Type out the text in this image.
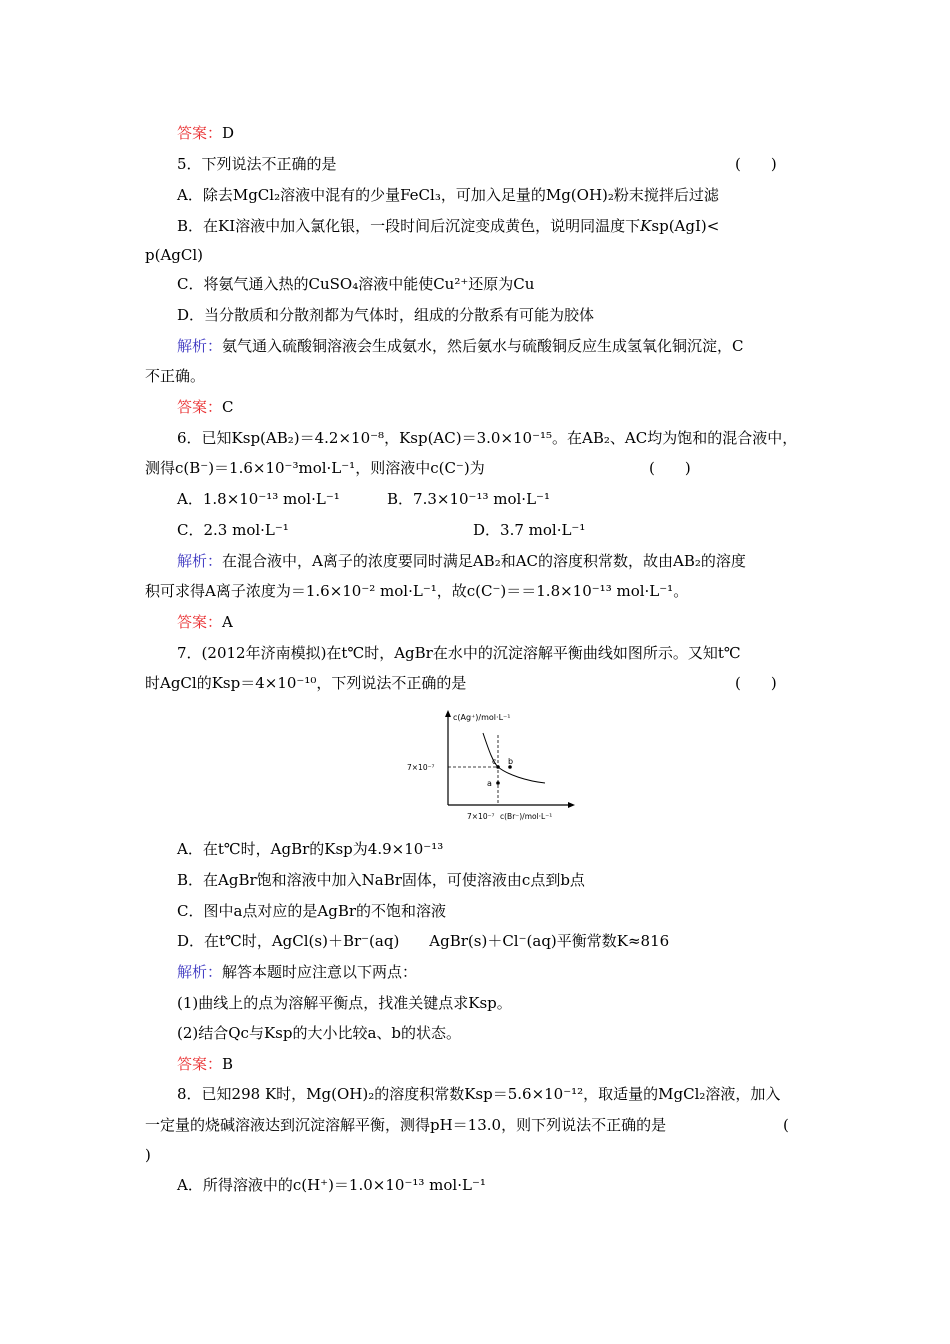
答案：D
5．下列说法不正确的是	(　　)
A．除去MgCl₂溶液中混有的少量FeCl₃，可加入足量的Mg(OH)₂粉末搅拌后过滤
B．在KI溶液中加入氯化银，一段时间后沉淀变成黄色，说明同温度下Ksp(AgI)<
p(AgCl)
C．将氨气通入热的CuSO₄溶液中能使Cu²⁺还原为Cu
D．当分散质和分散剂都为气体时，组成的分散系有可能为胶体
解析：氨气通入硫酸铜溶液会生成氨水，然后氨水与硫酸铜反应生成氢氧化铜沉淀，C
不正确。
答案：C
6．已知Ksp(AB₂)＝4.2×10⁻⁸，Ksp(AC)＝3.0×10⁻¹⁵。在AB₂、AC均为饱和的混合液中，
测得c(B⁻)＝1.6×10⁻³mol·L⁻¹，则溶液中c(C⁻)为	(　　)
A．1.8×10⁻¹³ mol·L⁻¹	B．7.3×10⁻¹³ mol·L⁻¹
C．2.3 mol·L⁻¹	D．3.7 mol·L⁻¹
解析：在混合液中，A离子的浓度要同时满足AB₂和AC的溶度积常数，故由AB₂的溶度
积可求得A离子浓度为＝1.6×10⁻² mol·L⁻¹，故c(C⁻)＝＝1.8×10⁻¹³ mol·L⁻¹。
答案：A
7．(2012年济南模拟)在t℃时，AgBr在水中的沉淀溶解平衡曲线如图所示。又知t℃
时AgCl的Ksp＝4×10⁻¹⁰，下列说法不正确的是	(　　)
c(Ag⁺)/mol·L⁻¹
7×10⁻⁷
c b
a
7×10⁻⁷ c(Br⁻)/mol·L⁻¹
A．在t℃时，AgBr的Ksp为4.9×10⁻¹³
B．在AgBr饱和溶液中加入NaBr固体，可使溶液由c点到b点
C．图中a点对应的是AgBr的不饱和溶液
D．在t℃时，AgCl(s)＋Br⁻(aq)　　AgBr(s)＋Cl⁻(aq)平衡常数K≈816
解析：解答本题时应注意以下两点：
(1)曲线上的点为溶解平衡点，找准关键点求Ksp。
(2)结合Qc与Ksp的大小比较a、b的状态。
答案：B
8．已知298 K时，Mg(OH)₂的溶度积常数Ksp＝5.6×10⁻¹²，取适量的MgCl₂溶液，加入
一定量的烧碱溶液达到沉淀溶解平衡，测得pH＝13.0，则下列说法不正确的是	(
)
A．所得溶液中的c(H⁺)＝1.0×10⁻¹³ mol·L⁻¹
